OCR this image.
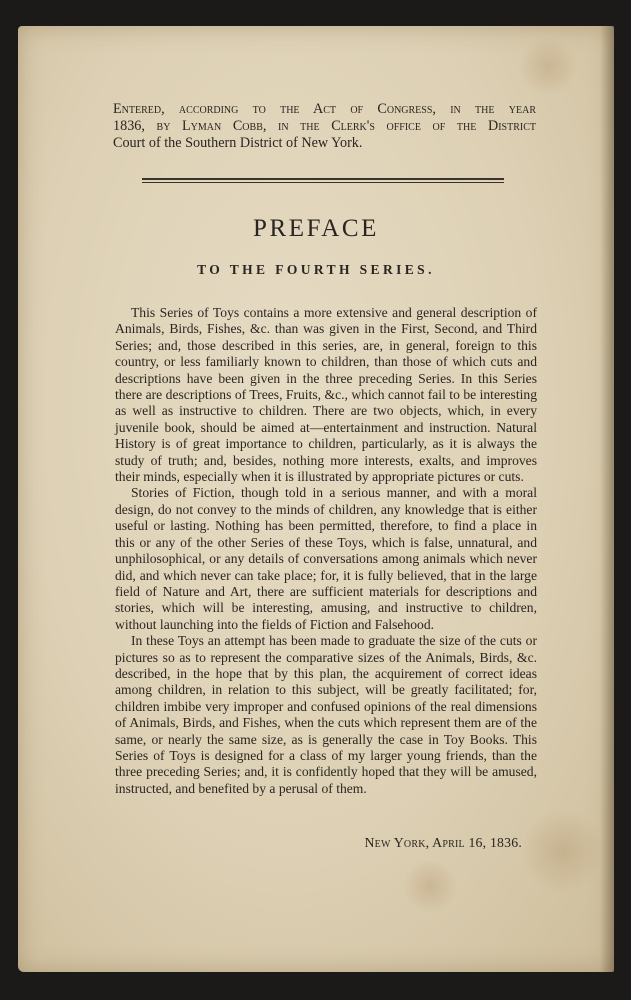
Entered, according to the Act of Congress, in the year
1836, by Lyman Cobb, in the Clerk's office of the District
Court of the Southern District of New York.
PREFACE
TO THE FOURTH SERIES.

This Series of Toys contains a more extensive and general description of Animals, Birds, Fishes, &c. than was given in the First, Second, and Third Series; and, those described in this series, are, in general, foreign to this country, or less familiarly known to children, than those of which cuts and descriptions have been given in the three preceding Series. In this Series there are descriptions of Trees, Fruits, &c., which cannot fail to be interesting as well as instructive to children. There are two objects, which, in every juvenile book, should be aimed at—entertainment and instruction. Natural History is of great importance to children, particularly, as it is always the study of truth; and, besides, nothing more interests, exalts, and improves their minds, especially when it is illustrated by appropriate pictures or cuts.

Stories of Fiction, though told in a serious manner, and with a moral design, do not convey to the minds of children, any knowledge that is either useful or lasting. Nothing has been permitted, therefore, to find a place in this or any of the other Series of these Toys, which is false, unnatural, and unphilosophical, or any details of conversations among animals which never did, and which never can take place; for, it is fully believed, that in the large field of Nature and Art, there are sufficient materials for descriptions and stories, which will be interesting, amusing, and instructive to children, without launching into the fields of Fiction and Falsehood.

In these Toys an attempt has been made to graduate the size of the cuts or pictures so as to represent the comparative sizes of the Animals, Birds, &c. described, in the hope that by this plan, the acquirement of correct ideas among children, in relation to this subject, will be greatly facilitated; for, children imbibe very improper and confused opinions of the real dimensions of Animals, Birds, and Fishes, when the cuts which represent them are of the same, or nearly the same size, as is generally the case in Toy Books. This Series of Toys is designed for a class of my larger young friends, than the three preceding Series; and, it is confidently hoped that they will be amused, instructed, and benefited by a perusal of them.

New York, April 16, 1836.
